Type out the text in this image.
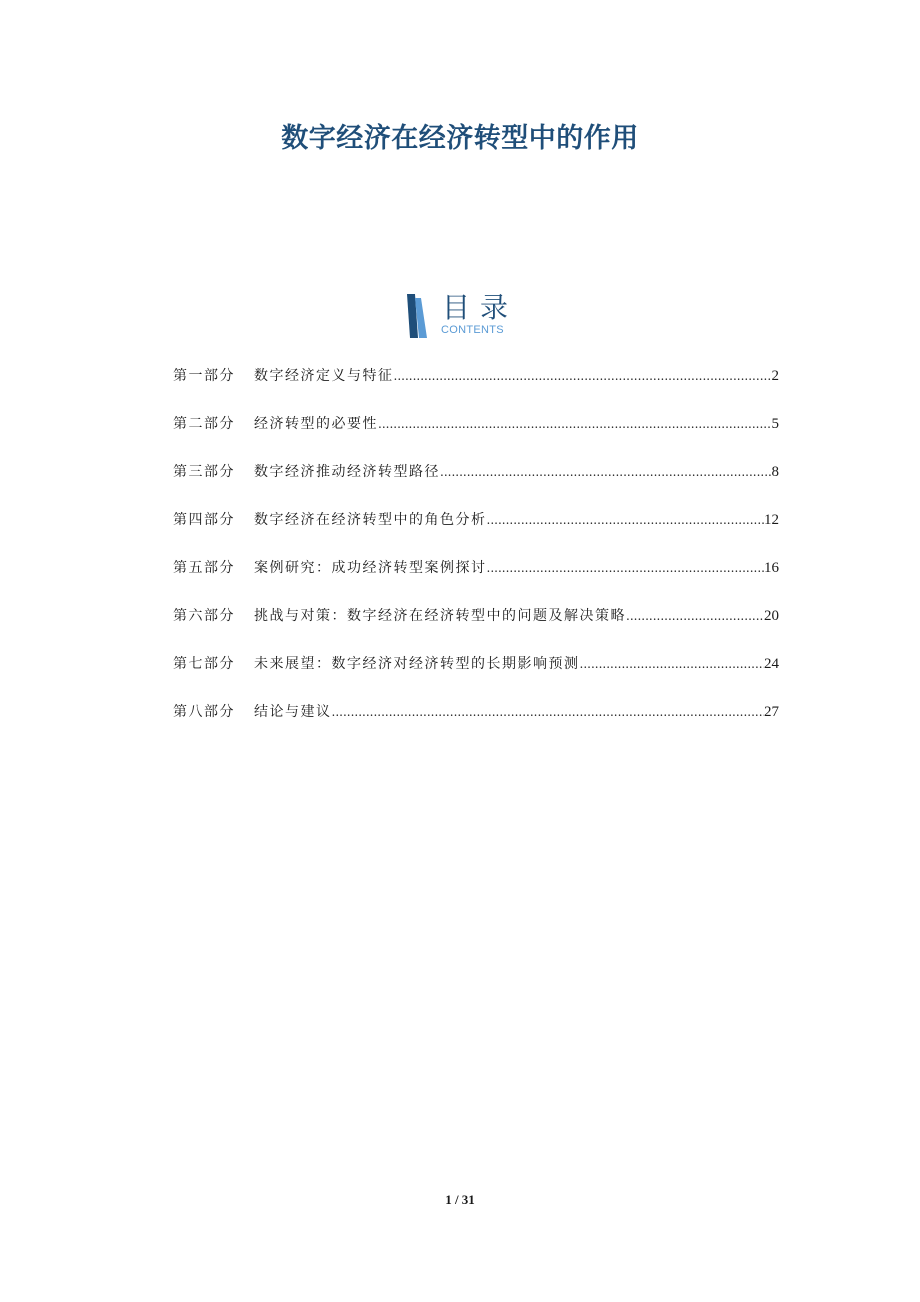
数字经济在经济转型中的作用
目录
CONTENTS
第一部分	数字经济定义与特征 .....	2
第二部分	经济转型的必要性 .....	5
第三部分	数字经济推动经济转型路径 .....	8
第四部分	数字经济在经济转型中的角色分析 .....	12
第五部分	案例研究：成功经济转型案例探讨 .....	16
第六部分	挑战与对策：数字经济在经济转型中的问题及解决策略 .....	20
第七部分	未来展望：数字经济对经济转型的长期影响预测 .....	24
第八部分	结论与建议 .....	27
1 / 31
